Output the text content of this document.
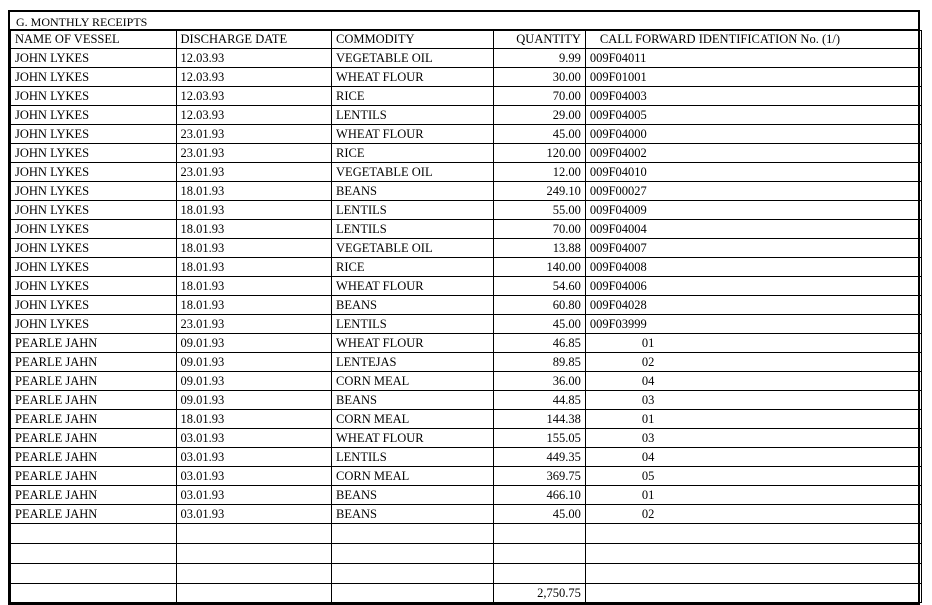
G. MONTHLY RECEIPTS
NAME OF VESSEL	DISCHARGE DATE	COMMODITY	QUANTITY	CALL FORWARD IDENTIFICATION No. (1/)
JOHN LYKES	12.03.93	VEGETABLE OIL	9.99	009F04011
JOHN LYKES	12.03.93	WHEAT FLOUR	30.00	009F01001
JOHN LYKES	12.03.93	RICE	70.00	009F04003
JOHN LYKES	12.03.93	LENTILS	29.00	009F04005
JOHN LYKES	23.01.93	WHEAT FLOUR	45.00	009F04000
JOHN LYKES	23.01.93	RICE	120.00	009F04002
JOHN LYKES	23.01.93	VEGETABLE OIL	12.00	009F04010
JOHN LYKES	18.01.93	BEANS	249.10	009F00027
JOHN LYKES	18.01.93	LENTILS	55.00	009F04009
JOHN LYKES	18.01.93	LENTILS	70.00	009F04004
JOHN LYKES	18.01.93	VEGETABLE OIL	13.88	009F04007
JOHN LYKES	18.01.93	RICE	140.00	009F04008
JOHN LYKES	18.01.93	WHEAT FLOUR	54.60	009F04006
JOHN LYKES	18.01.93	BEANS	60.80	009F04028
JOHN LYKES	23.01.93	LENTILS	45.00	009F03999
PEARLE JAHN	09.01.93	WHEAT FLOUR	46.85	01
PEARLE JAHN	09.01.93	LENTEJAS	89.85	02
PEARLE JAHN	09.01.93	CORN MEAL	36.00	04
PEARLE JAHN	09.01.93	BEANS	44.85	03
PEARLE JAHN	18.01.93	CORN MEAL	144.38	01
PEARLE JAHN	03.01.93	WHEAT FLOUR	155.05	03
PEARLE JAHN	03.01.93	LENTILS	449.35	04
PEARLE JAHN	03.01.93	CORN MEAL	369.75	05
PEARLE JAHN	03.01.93	BEANS	466.10	01
PEARLE JAHN	03.01.93	BEANS	45.00	02

			2,750.75	
